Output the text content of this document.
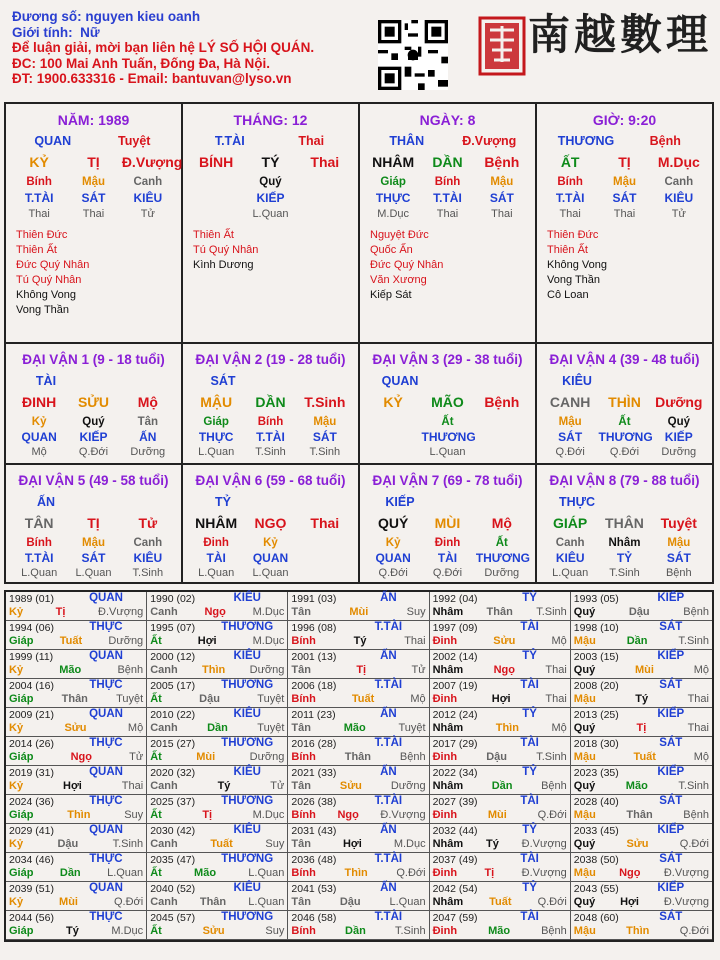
Đương số: nguyen kieu oanh
Giới tính: Nữ
Để luận giải, mời bạn liên hệ LÝ SỐ HỘI QUÁN.
ĐC: 100 Mai Anh Tuấn, Đống Đa, Hà Nội.
ĐT: 1900.633316 - Email: bantuvan@lyso.vn
南越數理
NĂM: 1989
QUAN	Tuyệt
KỶ	TỊ	Đ.Vượng
Bính	Mậu	Canh
T.TÀI	SÁT	KIÊU
Thai	Thai	Tử
Thiên Đức
Thiên Ất
Đức Quý Nhân
Tú Quý Nhân
Không Vong
Vong Thần
THÁNG: 12
T.TÀI	Thai
BÍNH	TÝ	Thai
Quý
KIẾP
L.Quan
Thiên Ất
Tú Quý Nhân
Kình Dương
NGÀY: 8
THÂN	Đ.Vượng
NHÂM	DẦN	Bệnh
Giáp	Bính	Mậu
THỰC	T.TÀI	SÁT
M.Dục	Thai	Thai
Nguyệt Đức
Quốc Ấn
Đức Quý Nhân
Văn Xương
Kiếp Sát
GIỜ: 9:20
THƯƠNG	Bệnh
ẤT	TỊ	M.Dục
Bính	Mậu	Canh
T.TÀI	SÁT	KIÊU
Thai	Thai	Tử
Thiên Đức
Thiên Ất
Không Vong
Vong Thần
Cô Loan
ĐẠI VẬN 1 (9 - 18 tuổi)
TÀI
ĐINH	SỬU	Mộ
Kỷ	Quý	Tân
QUAN	KIẾP	ẤN
Mộ	Q.Đới	Dưỡng
ĐẠI VẬN 2 (19 - 28 tuổi)
SÁT
MẬU	DẦN	T.Sinh
Giáp	Bính	Mậu
THỰC	T.TÀI	SÁT
L.Quan	T.Sinh	T.Sinh
ĐẠI VẬN 3 (29 - 38 tuổi)
QUAN
KỶ	MÃO	Bệnh
Ất
THƯƠNG
L.Quan
ĐẠI VẬN 4 (39 - 48 tuổi)
KIÊU
CANH	THÌN	Dưỡng
Mậu	Ất	Quý
SÁT	THƯƠNG	KIẾP
Q.Đới	Q.Đới	Dưỡng
ĐẠI VẬN 5 (49 - 58 tuổi)
ẤN
TÂN	TỊ	Tử
Bính	Mậu	Canh
T.TÀI	SÁT	KIÊU
L.Quan	L.Quan	T.Sinh
ĐẠI VẬN 6 (59 - 68 tuổi)
TỶ
NHÂM	NGỌ	Thai
Đinh	Kỷ
TÀI	QUAN
L.Quan	L.Quan
ĐẠI VẬN 7 (69 - 78 tuổi)
KIẾP
QUÝ	MÙI	Mộ
Kỷ	Đinh	Ất
QUAN	TÀI	THƯƠNG
Q.Đới	Q.Đới	Dưỡng
ĐẠI VẬN 8 (79 - 88 tuổi)
THỰC
GIÁP	THÂN	Tuyệt
Canh	Nhâm	Mậu
KIÊU	TỶ	SÁT
L.Quan	T.Sinh	Bệnh
1989 (01)	QUAN
Kỷ	Tị	Đ.Vượng
1990 (02)	KIÊU
Canh Ngọ M.Dục
1991 (03)	ẤN
Tân	Mùi	Suy
1992 (04)	TỶ
Nhâm Thân T.Sinh
1993 (05)	KIẾP
Quý	Dậu	Bệnh
1994 (06)	THỰC
Giáp Tuất Dưỡng
1995 (07)	THƯƠNG
Ất	Hợi	M.Dục
1996 (08)	T.TÀI
Bính	Tý	Thai
1997 (09)	TÀI
Đinh	Sửu	Mộ
1998 (10)	SÁT
Mậu	Dần	T.Sinh
1999 (11)	QUAN
Kỷ	Mão	Bệnh
2000 (12)	KIÊU
Canh Thìn Dưỡng
2001 (13)	ẤN
Tân	Tị	Tử
2002 (14)	TỶ
Nhâm	Ngọ	Thai
2003 (15)	KIẾP
Quý	Mùi	Mộ
2004 (16)	THỰC
Giáp	Thân	Tuyệt
2005 (17)	THƯƠNG
Ất	Dậu	Tuyệt
2006 (18)	T.TÀI
Bính	Tuất	Mộ
2007 (19)	TÀI
Đinh	Hợi	Thai
2008 (20)	SÁT
Mậu	Tý	Thai
2009 (21)	QUAN
Kỷ	Sửu	Mộ
2010 (22)	KIÊU
Canh	Dần	Tuyệt
2011 (23)	ẤN
Tân	Mão	Tuyệt
2012 (24)	TỶ
Nhâm	Thìn	Mộ
2013 (25)	KIẾP
Quý	Tị	Thai
2014 (26)	THỰC
Giáp	Ngọ	Tử
2015 (27)	THƯƠNG
Ất	Mùi	Dưỡng
2016 (28)	T.TÀI
Bính	Thân	Bệnh
2017 (29)	TÀI
Đinh	Dậu	T.Sinh
2018 (30)	SÁT
Mậu	Tuất	Mộ
2019 (31)	QUAN
Kỷ	Hợi	Thai
2020 (32)	KIÊU
Canh	Tý	Tử
2021 (33)	ẤN
Tân	Sửu	Dưỡng
2022 (34)	TỶ
Nhâm	Dần	Bệnh
2023 (35)	KIẾP
Quý	Mão	T.Sinh
2024 (36)	THỰC
Giáp	Thìn	Suy
2025 (37)	THƯƠNG
Ất	Tị	M.Dục
2026 (38)	T.TÀI
Bính Ngọ Đ.Vượng
2027 (39)	TÀI
Đinh	Mùi	Q.Đới
2028 (40)	SÁT
Mậu	Thân	Bệnh
2029 (41)	QUAN
Kỷ	Dậu	T.Sinh
2030 (42)	KIÊU
Canh	Tuất	Suy
2031 (43)	ẤN
Tân	Hợi	M.Dục
2032 (44)	TỶ
Nhâm Tý Đ.Vượng
2033 (45)	KIẾP
Quý	Sửu	Q.Đới
2034 (46)	THỰC
Giáp Dần L.Quan
2035 (47)	THƯƠNG
Ất	Mão	L.Quan
2036 (48)	T.TÀI
Bính	Thìn	Q.Đới
2037 (49)	TÀI
Đinh Tị Đ.Vượng
2038 (50)	SÁT
Mậu Ngọ Đ.Vượng
2039 (51)	QUAN
Kỷ	Mùi	Q.Đới
2040 (52)	KIÊU
Canh Thân L.Quan
2041 (53)	ẤN
Tân	Dậu	L.Quan
2042 (54)	TỶ
Nhâm Tuất Q.Đới
2043 (55)	KIẾP
Quý Hợi Đ.Vượng
2044 (56)	THỰC
Giáp	Tý	M.Dục
2045 (57)	THƯƠNG
Ất	Sửu	Suy
2046 (58)	T.TÀI
Bính	Dần	T.Sinh
2047 (59)	TÀI
Đinh	Mão	Bệnh
2048 (60)	SÁT
Mậu	Thìn	Q.Đới
